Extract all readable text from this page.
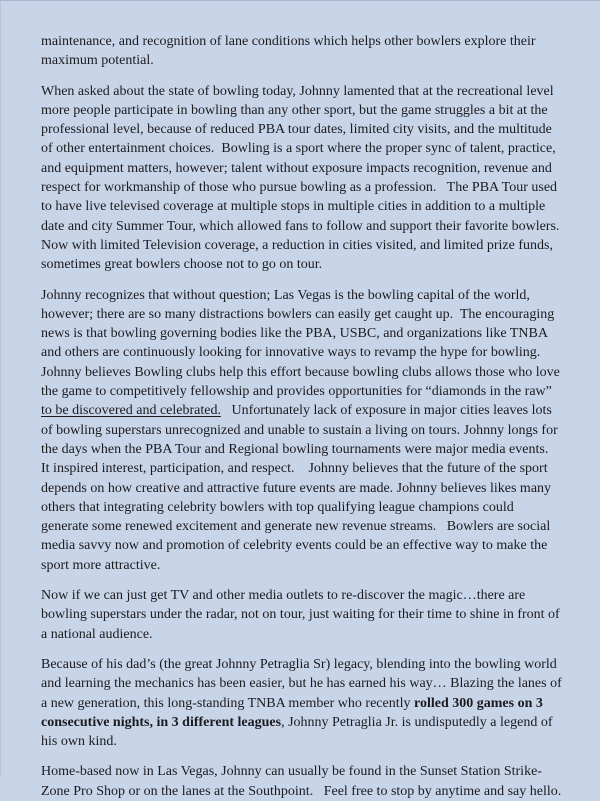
maintenance, and recognition of lane conditions which helps other bowlers explore their maximum potential.

When asked about the state of bowling today, Johnny lamented that at the recreational level more people participate in bowling than any other sport, but the game struggles a bit at the professional level, because of reduced PBA tour dates, limited city visits, and the multitude of other entertainment choices.  Bowling is a sport where the proper sync of talent, practice, and equipment matters, however; talent without exposure impacts recognition, revenue and respect for workmanship of those who pursue bowling as a profession.   The PBA Tour used to have live televised coverage at multiple stops in multiple cities in addition to a multiple date and city Summer Tour, which allowed fans to follow and support their favorite bowlers.   Now with limited Television coverage, a reduction in cities visited, and limited prize funds, sometimes great bowlers choose not to go on tour.

Johnny recognizes that without question; Las Vegas is the bowling capital of the world, however; there are so many distractions bowlers can easily get caught up.  The encouraging news is that bowling governing bodies like the PBA, USBC, and organizations like TNBA and others are continuously looking for innovative ways to revamp the hype for bowling. Johnny believes Bowling clubs help this effort because bowling clubs allows those who love the game to competitively fellowship and provides opportunities for “diamonds in the raw” to be discovered and celebrated.   Unfortunately lack of exposure in major cities leaves lots of bowling superstars unrecognized and unable to sustain a living on tours. Johnny longs for the days when the PBA Tour and Regional bowling tournaments were major media events.   It inspired interest, participation, and respect.    Johnny believes that the future of the sport depends on how creative and attractive future events are made. Johnny believes likes many others that integrating celebrity bowlers with top qualifying league champions could generate some renewed excitement and generate new revenue streams.   Bowlers are social media savvy now and promotion of celebrity events could be an effective way to make the sport more attractive.

Now if we can just get TV and other media outlets to re-discover the magic…there are bowling superstars under the radar, not on tour, just waiting for their time to shine in front of a national audience.

Because of his dad’s (the great Johnny Petraglia Sr) legacy, blending into the bowling world and learning the mechanics has been easier, but he has earned his way… Blazing the lanes of a new generation, this long-standing TNBA member who recently rolled 300 games on 3 consecutive nights, in 3 different leagues, Johnny Petraglia Jr. is undisputedly a legend of his own kind.

Home-based now in Las Vegas, Johnny can usually be found in the Sunset Station Strike-Zone Pro Shop or on the lanes at the Southpoint.   Feel free to stop by anytime and say hello.
